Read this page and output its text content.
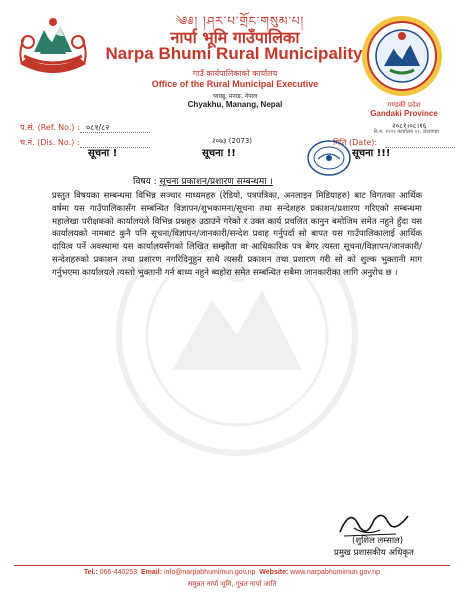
༄༅། །ཤར་པ་གྲོང་གསུམ་པ།
नार्पा भूमि गाउँपालिका
Narpa Bhumi Rural Municipality
गाउँ कार्यपालिकाको कार्यालय
Office of the Rural Municipal Executive
च्याखु, मनाङ, नेपाल
Chyakhu, Manang, Nepal	गण्डकी प्रदेश
Gandaki Province
प.सं. (Ref. No.) : ०८१/८२
च.नं. (Dis. No.) :	२०७३ (2073)
नि.म. ११२२ कार्यालय ०१, छाउपाहर
२०८१।०८।१६
मिति (Date):
सूचना !	सूचना !!	सूचना !!!
विषय : सूचना प्रकाशन/प्रशारण सम्बन्धमा ।
प्रस्तुत विषयका सम्बन्धमा विभिन्न सञ्चार माध्यमहरु (रेडियो, पत्रपत्रिका, अनलाइन मिडियाहरु) बाट विगतका आर्थिक वर्षमा यस गाउँपालिकासँग सम्बन्धित विज्ञापन/शुभकामना/सूचना तथा सन्देशहरु प्रकाशन/प्रशारण गरिएको सम्बन्धमा महालेखा परीक्षकको कार्यालयले विभिन्न प्रश्नहरु उठाउने गरेको र उक्त कार्य प्रचलित कानुन बमोजिम समेत नहुने हुँदा यस कार्यालयको नामबाट कुनै पनि सूचना/विज्ञापन/जानकारी/सन्देश प्रवाह गर्नुपर्दा सो बापत यस गाउँपालिकालाई आर्थिक दायित्व पर्ने अवस्थामा यस कार्यालयसँगको लिखित सम्झौता वा आधिकारिक पत्र बेगर त्यस्ता सूचना/विज्ञापन/जानकारी/सन्देशहरुको प्रकाशन तथा प्रशारण नगरिदिनुहुन साथै त्यसरी प्रकाशन तथा प्रशारण गरी सो को शुल्क भुक्तानी माग गर्नुभएमा कार्यालयले त्यस्तो भुक्तानी गर्न बाध्य नहुने ब्यहोरा समेत सम्बन्धित सबैमा जानकारीका लागि अनुरोध छ ।
(शुशिल लम्साल)
प्रमुख प्रशासकीय अधिकृत
Tel.: 066-440253 Email: info@narpabhumimun.gov.np Website: www.narpabhumimun.gov.np
समुन्नत नार्पा भूमि, गुन्नत नार्पा जाति
